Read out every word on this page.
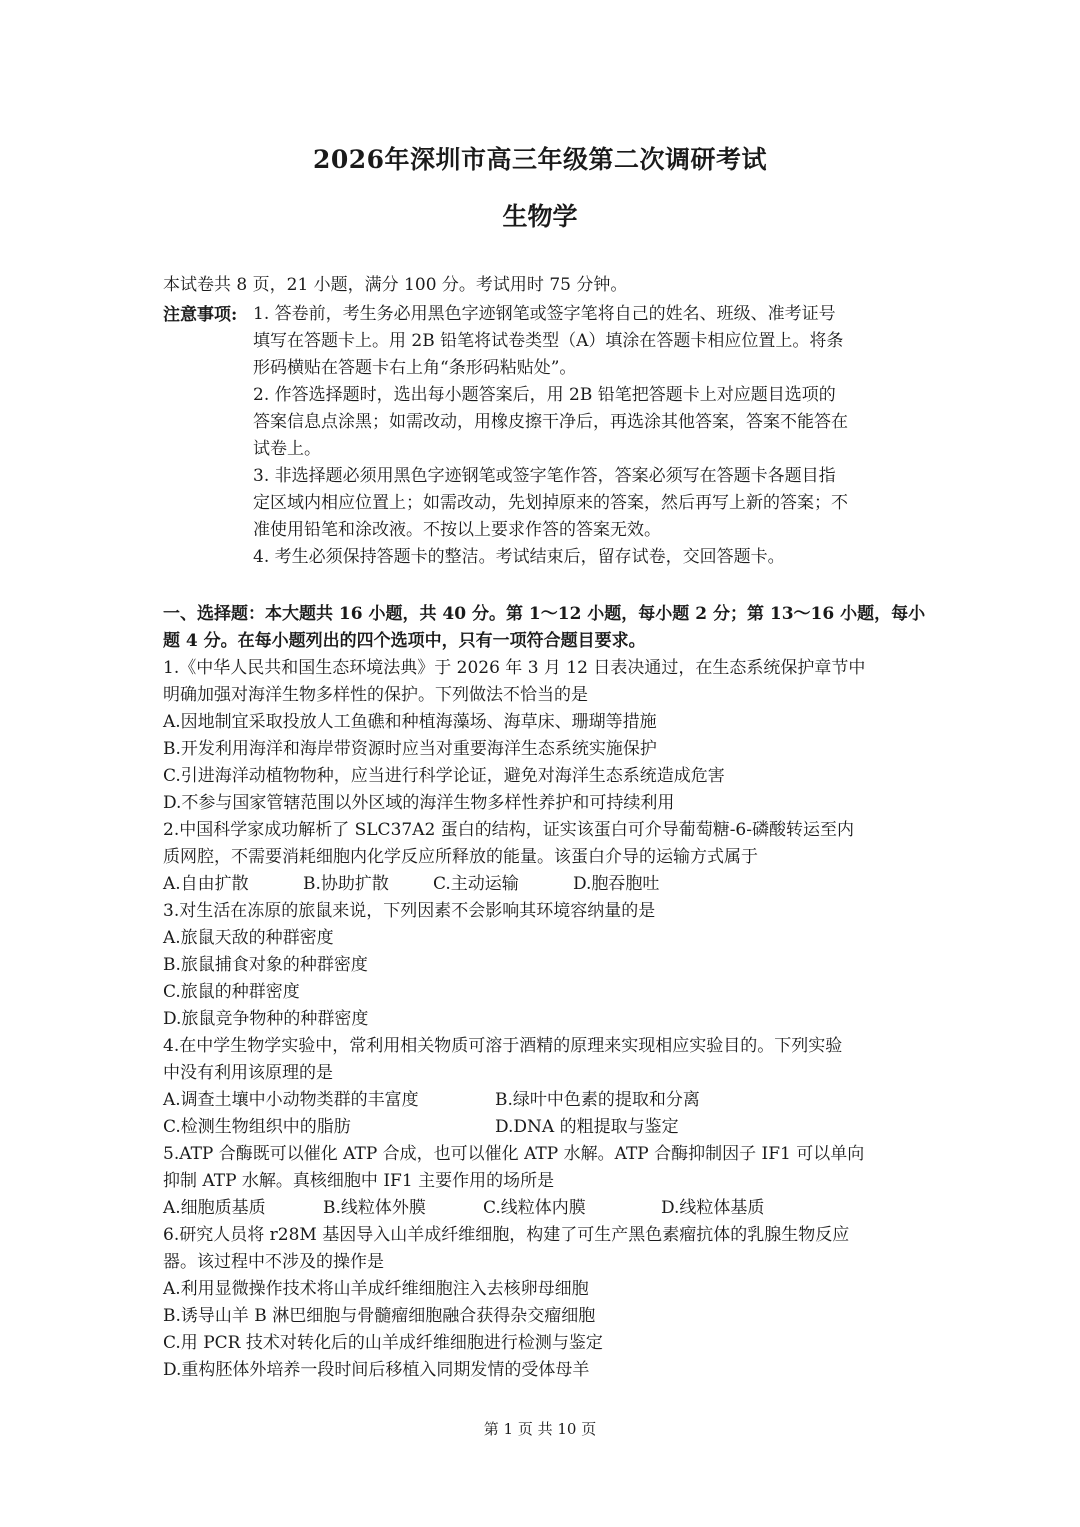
2026年深圳市高三年级第二次调研考试
生物学
本试卷共 8 页，21 小题，满分 100 分。考试用时 75 分钟。
注意事项: 1. 答卷前，考生务必用黑色字迹钢笔或签字笔将自己的姓名、班级、准考证号
填写在答题卡上。用 2B 铅笔将试卷类型（A）填涂在答题卡相应位置上。将条
形码横贴在答题卡右上角“条形码粘贴处”。
2. 作答选择题时，选出每小题答案后，用 2B 铅笔把答题卡上对应题目选项的
答案信息点涂黑；如需改动，用橡皮擦干净后，再选涂其他答案，答案不能答在
试卷上。
3. 非选择题必须用黑色字迹钢笔或签字笔作答，答案必须写在答题卡各题目指
定区域内相应位置上；如需改动，先划掉原来的答案，然后再写上新的答案；不
准使用铅笔和涂改液。不按以上要求作答的答案无效。
4. 考生必须保持答题卡的整洁。考试结束后，留存试卷，交回答题卡。
一、选择题：本大题共 16 小题，共 40 分。第 1～12 小题，每小题 2 分；第 13～16 小题，每小
题 4 分。在每小题列出的四个选项中，只有一项符合题目要求。
1.《中华人民共和国生态环境法典》于 2026 年 3 月 12 日表决通过，在生态系统保护章节中
明确加强对海洋生物多样性的保护。下列做法不恰当的是
A.因地制宜采取投放人工鱼礁和种植海藻场、海草床、珊瑚等措施
B.开发利用海洋和海岸带资源时应当对重要海洋生态系统实施保护
C.引进海洋动植物物种，应当进行科学论证，避免对海洋生态系统造成危害
D.不参与国家管辖范围以外区域的海洋生物多样性养护和可持续利用
2.中国科学家成功解析了 SLC37A2 蛋白的结构，证实该蛋白可介导葡萄糖-6-磷酸转运至内
质网腔，不需要消耗细胞内化学反应所释放的能量。该蛋白介导的运输方式属于
A.自由扩散	B.协助扩散	C.主动运输	D.胞吞胞吐
3.对生活在冻原的旅鼠来说，下列因素不会影响其环境容纳量的是
A.旅鼠天敌的种群密度
B.旅鼠捕食对象的种群密度
C.旅鼠的种群密度
D.旅鼠竞争物种的种群密度
4.在中学生物学实验中，常利用相关物质可溶于酒精的原理来实现相应实验目的。下列实验
中没有利用该原理的是
A.调查土壤中小动物类群的丰富度	B.绿叶中色素的提取和分离
C.检测生物组织中的脂肪	D.DNA 的粗提取与鉴定
5.ATP 合酶既可以催化 ATP 合成，也可以催化 ATP 水解。ATP 合酶抑制因子 IF1 可以单向
抑制 ATP 水解。真核细胞中 IF1 主要作用的场所是
A.细胞质基质	B.线粒体外膜	C.线粒体内膜	D.线粒体基质
6.研究人员将 r28M 基因导入山羊成纤维细胞，构建了可生产黑色素瘤抗体的乳腺生物反应
器。该过程中不涉及的操作是
A.利用显微操作技术将山羊成纤维细胞注入去核卵母细胞
B.诱导山羊 B 淋巴细胞与骨髓瘤细胞融合获得杂交瘤细胞
C.用 PCR 技术对转化后的山羊成纤维细胞进行检测与鉴定
D.重构胚体外培养一段时间后移植入同期发情的受体母羊
第 1 页 共 10 页
